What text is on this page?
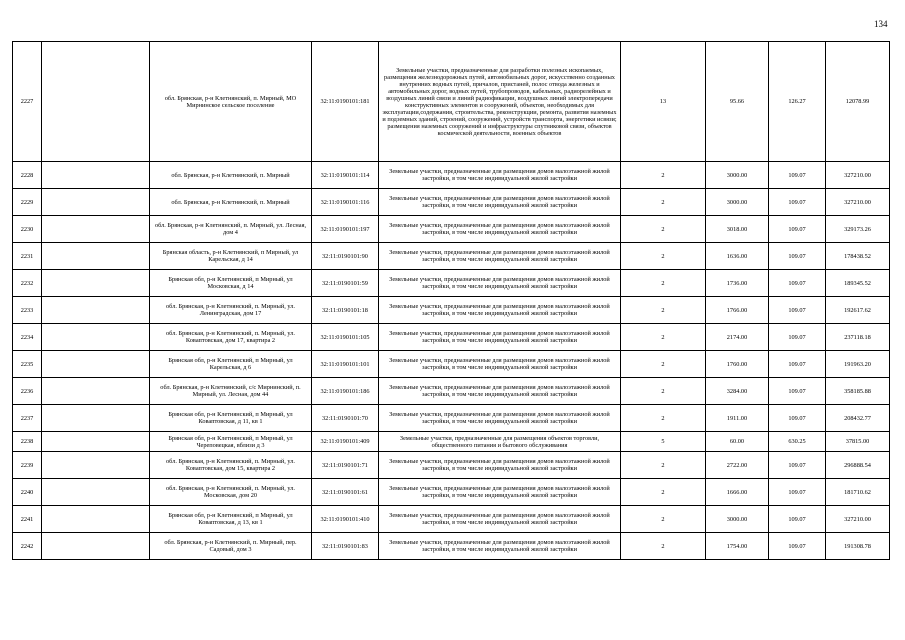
134
2227		обл. Брянская, р-н Клетнянский, п. Мирный, МО Мирнинское сельское поселение	32:11:0190101:181	Земельные участки, предназначенные для разработки полезных ископаемых, размещения железнодорожных путей, автомобильных дорог, искусственно созданных внутренних водных путей, причалов, пристаней, полос отвода железных и автомобильных дорог, водных путей, трубопроводов, кабельных, радиорелейных и воздушных линий связи и линий радиофикации, воздушных линий электропередачи конструктивных элементов и сооружений, объектов, необходимых для эксплуатации,содержания, строительства, реконструкции, ремонта, развития наземных и подземных зданий, строений, сооружений, устройств транспорта, энергетики иcвязи; размещения наземных сооружений и инфраструктуры спутниковой связи, объектов космической деятельности, военных объектов	13	95.66	126.27	12078.99
2228		обл. Брянская, р-н Клетнянский, п. Мирный	32:11:0190101:114	Земельные участки, предназначенные для размещения домов малоэтажной жилой застройки, в том числе индивидуальной жилой застройки	2	3000.00	109.07	327210.00
2229		обл. Брянская, р-н Клетнянский, п. Мирный	32:11:0190101:116	Земельные участки, предназначенные для размещения домов малоэтажной жилой застройки, в том числе индивидуальной жилой застройки	2	3000.00	109.07	327210.00
2230		обл. Брянская, р-н Клетнянский, п. Мирный, ул. Лесная, дом 4	32:11:0190101:197	Земельные участки, предназначенные для размещения домов малоэтажной жилой застройки, в том числе индивидуальной жилой застройки	2	3018.00	109.07	329173.26
2231		Брянская область, р-н Клетнянский, п Мирный, ул Карельская, д 14	32:11:0190101:90	Земельные участки, предназначенные для размещения домов малоэтажной жилой застройки, в том числе индивидуальной жилой застройки	2	1636.00	109.07	178438.52
2232		Брянская обл, р-н Клетнянский, п Мирный, ул Московская, д 14	32:11:0190101:59	Земельные участки, предназначенные для размещения домов малоэтажной жилой застройки, в том числе индивидуальной жилой застройки	2	1736.00	109.07	189345.52
2233		обл. Брянская, р-н Клетнянский, п. Мирный, ул. Ленинградская, дом 17	32:11:0190101:18	Земельные участки, предназначенные для размещения домов малоэтажной жилой застройки, в том числе индивидуальной жилой застройки	2	1766.00	109.07	192617.62
2234		обл. Брянская, р-н Клетнянский, п. Мирный, ул. Коваптовская, дом 17, квартира 2	32:11:0190101:105	Земельные участки, предназначенные для размещения домов малоэтажной жилой застройки, в том числе индивидуальной жилой застройки	2	2174.00	109.07	237118.18
2235		Брянская обл, р-н Клетнянский, п Мирный, ул Карельская, д 6	32:11:0190101:101	Земельные участки, предназначенные для размещения домов малоэтажной жилой застройки, в том числе индивидуальной жилой застройки	2	1760.00	109.07	191963.20
2236		обл. Брянская, р-н Клетнянский, с/с Мирнинский, п. Мирный, ул. Лесная, дом 44	32:11:0190101:186	Земельные участки, предназначенные для размещения домов малоэтажной жилой застройки, в том числе индивидуальной жилой застройки	2	3284.00	109.07	358185.88
2237		Брянская обл, р-н Клетнянский, п Мирный, ул Коваптовская, д 11, кв 1	32:11:0190101:70	Земельные участки, предназначенные для размещения домов малоэтажной жилой застройки, в том числе индивидуальной жилой застройки	2	1911.00	109.07	208432.77
2238		Брянская обл, р-н Клетнянский, п Мирный, ул Череповецкая, вблизи д 3	32:11:0190101:409	Земельные участки, предназначенные для размещения объектов торговли, общественного питания и бытового обслуживания	5	60.00	630.25	37815.00
2239		обл. Брянская, р-н Клетнянский, п. Мирный, ул. Коваптовская, дом 15, квартира 2	32:11:0190101:71	Земельные участки, предназначенные для размещения домов малоэтажной жилой застройки, в том числе индивидуальной жилой застройки	2	2722.00	109.07	296888.54
2240		обл. Брянская, р-н Клетнянский, п. Мирный, ул. Московская, дом 20	32:11:0190101:61	Земельные участки, предназначенные для размещения домов малоэтажной жилой застройки, в том числе индивидуальной жилой застройки	2	1666.00	109.07	181710.62
2241		Брянская обл, р-н Клетнянский, п Мирный, ул Коваптовская, д 13, кв 1	32:11:0190101:410	Земельные участки, предназначенные для размещения домов малоэтажной жилой застройки, в том числе индивидуальной жилой застройки	2	3000.00	109.07	327210.00
2242		обл. Брянская, р-н Клетнянский, п. Мирный, пер. Садовый, дом 3	32:11:0190101:83	Земельные участки, предназначенные для размещения домов малоэтажной жилой застройки, в том числе индивидуальной жилой застройки	2	1754.00	109.07	191308.78
